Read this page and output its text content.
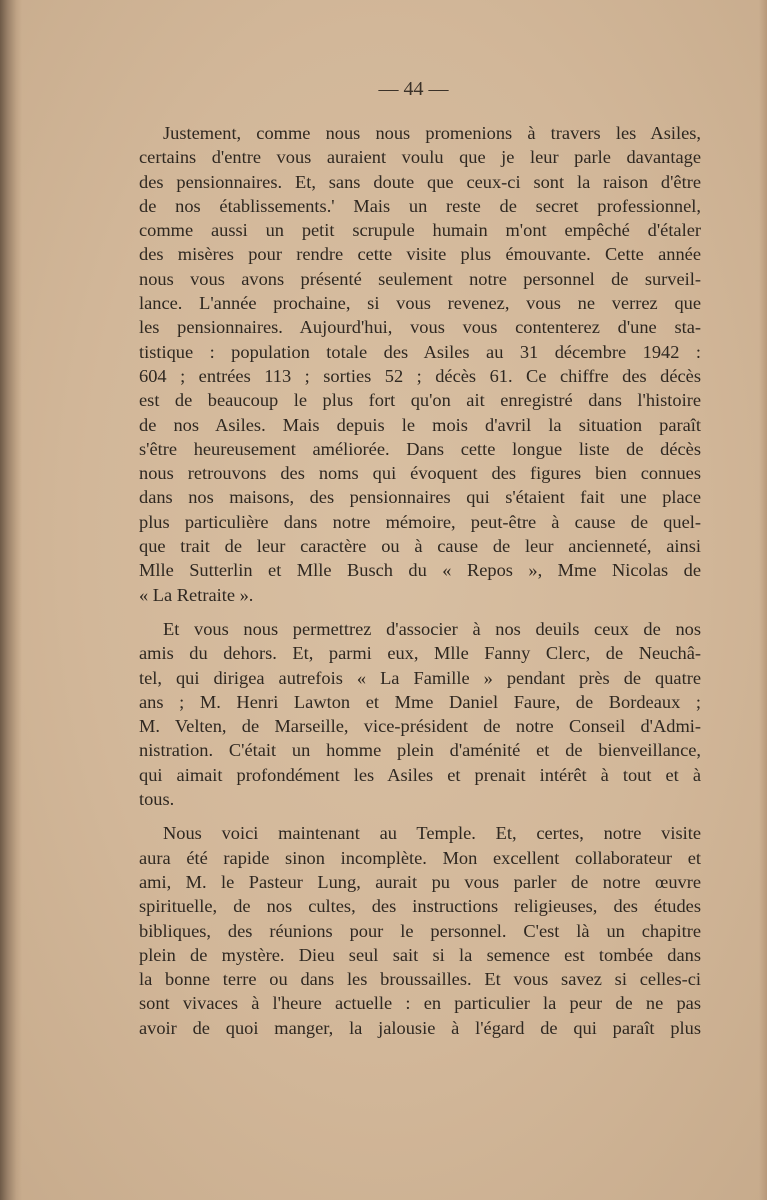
— 44 —
Justement, comme nous nous promenions à travers les Asiles,
certains d'entre vous auraient voulu que je leur parle davantage
des pensionnaires. Et, sans doute que ceux-ci sont la raison d'être
de nos établissements.' Mais un reste de secret professionnel,
comme aussi un petit scrupule humain m'ont empêché d'étaler
des misères pour rendre cette visite plus émouvante. Cette année
nous vous avons présenté seulement notre personnel de surveil-
lance. L'année prochaine, si vous revenez, vous ne verrez que
les pensionnaires. Aujourd'hui, vous vous contenterez d'une sta-
tistique : population totale des Asiles au 31 décembre 1942 :
604 ; entrées 113 ; sorties 52 ; décès 61. Ce chiffre des décès
est de beaucoup le plus fort qu'on ait enregistré dans l'histoire
de nos Asiles. Mais depuis le mois d'avril la situation paraît
s'être heureusement améliorée. Dans cette longue liste de décès
nous retrouvons des noms qui évoquent des figures bien connues
dans nos maisons, des pensionnaires qui s'étaient fait une place
plus particulière dans notre mémoire, peut-être à cause de quel-
que trait de leur caractère ou à cause de leur ancienneté, ainsi
Mlle Sutterlin et Mlle Busch du « Repos », Mme Nicolas de
« La Retraite ».
Et vous nous permettrez d'associer à nos deuils ceux de nos
amis du dehors. Et, parmi eux, Mlle Fanny Clerc, de Neuchâ-
tel, qui dirigea autrefois « La Famille » pendant près de quatre
ans ; M. Henri Lawton et Mme Daniel Faure, de Bordeaux ;
M. Velten, de Marseille, vice-président de notre Conseil d'Admi-
nistration. C'était un homme plein d'aménité et de bienveillance,
qui aimait profondément les Asiles et prenait intérêt à tout et à
tous.
Nous voici maintenant au Temple. Et, certes, notre visite
aura été rapide sinon incomplète. Mon excellent collaborateur et
ami, M. le Pasteur Lung, aurait pu vous parler de notre œuvre
spirituelle, de nos cultes, des instructions religieuses, des études
bibliques, des réunions pour le personnel. C'est là un chapitre
plein de mystère. Dieu seul sait si la semence est tombée dans
la bonne terre ou dans les broussailles. Et vous savez si celles-ci
sont vivaces à l'heure actuelle : en particulier la peur de ne pas
avoir de quoi manger, la jalousie à l'égard de qui paraît plus
